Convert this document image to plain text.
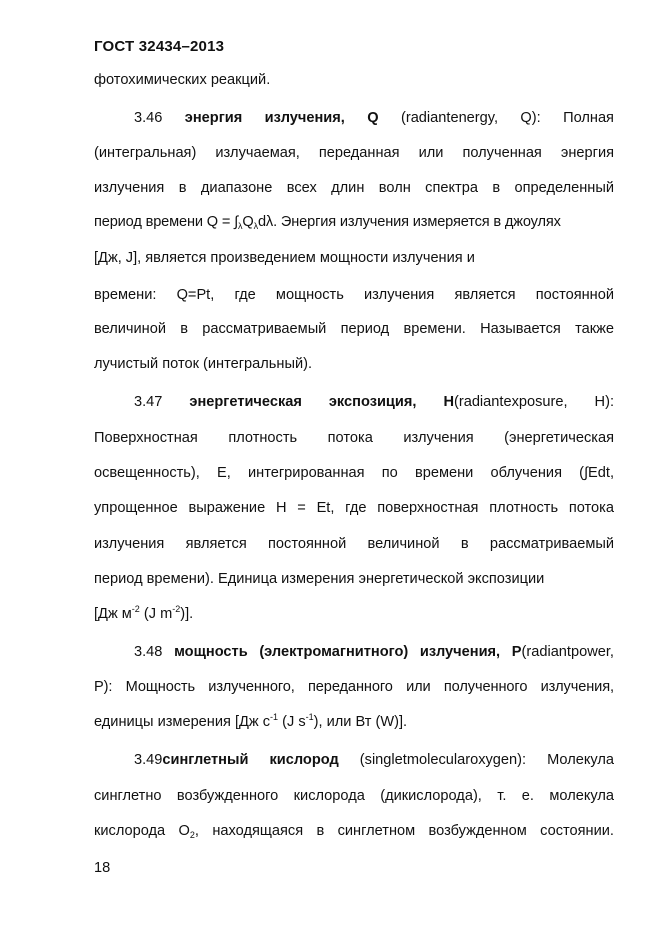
ГОСТ 32434–2013
фотохимических реакций.
3.46 энергия излучения, Q (radiantenergy, Q): Полная
(интегральная) излучаемая, переданная или полученная энергия
излучения в диапазоне всех длин волн спектра в определенный
период времени $Q = \int_\lambda Q_\lambda d\lambda$. Энергия излучения измеряется в джоулях
[Дж, J], является произведением мощности излучения и
времени: Q=Pt, где мощность излучения является постоянной
величиной в рассматриваемый период времени. Называется также
лучистый поток (интегральный).
3.47 энергетическая экспозиция, H(radiantexposure, H):
Поверхностная плотность потока излучения (энергетическая
освещенность), E, интегрированная по времени облучения (∫Edt,
упрощенное выражение H = Et, где поверхностная плотность потока
излучения является постоянной величиной в рассматриваемый
период времени). Единица измерения энергетической экспозиции
[Дж $м^{-2}$ (J $m^{-2}$)].
3.48 мощность (электромагнитного) излучения, P(radiantpower,
P): Мощность излученного, переданного или полученного излучения,
единицы измерения [Дж $с^{-1}$ (J $s^{-1}$), или Вт (W)].
3.49синглетный кислород (singletmolecularoxygen): Молекула
синглетно возбужденного кислорода (дикислорода), т. е. молекула
кислорода $O_2$, находящаяся в синглетном возбужденном состоянии.
18
